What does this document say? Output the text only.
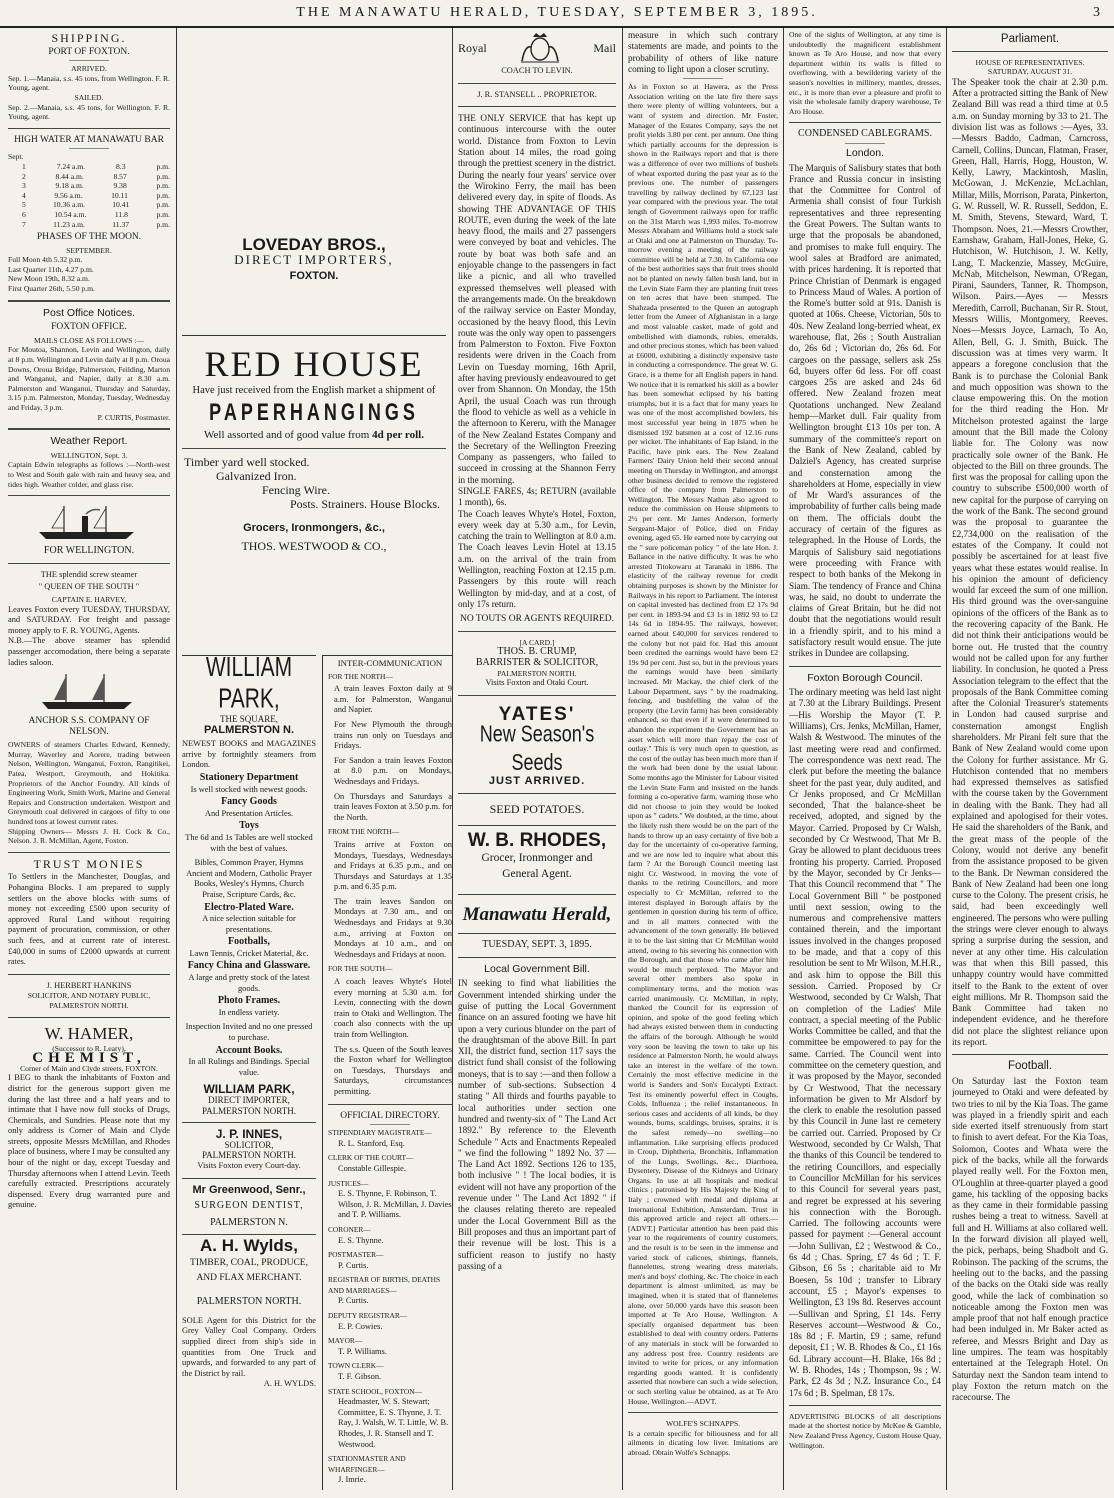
THE MANAWATU HERALD, TUESDAY, SEPTEMBER 3, 1895.	3
SHIPPING.
PORT OF FOXTON.
ARRIVED.
Sep. 1.—Manaia, s.s. 45 tons, from Wellington. F. R. Young, agent.
SAILED.
Sep. 2.—Manaia, s.s. 45 tons, for Wellington. F. R. Young, agent.
HIGH WATER AT MANAWATU BAR
Sept.
1	7.24 a.m.	8.3	p.m.
2	8.44 a.m.	8.57	p.m.
3	9.18 a.m.	9.38	p.m.
4	9.56 a.m.	10.11	p.m.
5	10.36 a.m.	10.41	p.m.
6	10.54 a.m.	11.8	p.m.
7	11.23 a.m.	11.37	p.m.
PHASES OF THE MOON.
SEPTEMBER.
Full Moon 4th 5.32 p.m.
Last Quarter 11th, 4.27 p.m.
New Moon 19th, 8.32 a.m.
First Quarter 26th, 5.50 p.m.
Post Office Notices.
FOXTON OFFICE.
MAILS CLOSE AS FOLLOWS :—
For Moutoa, Shannon, Levin and Wellington, daily at 8 p.m. Wellington and Levin daily at 8 p.m. Oroua Downs, Oroua Bridge, Palmerston, Feilding, Marton and Wanganui, and Napier, daily at 8.30 a.m. Palmerston and Wanganui, Thursday and Saturday, 3.15 p.m. Palmerston, Monday, Tuesday, Wednesday and Friday, 3 p.m.
P. CURTIS, Postmaster.
Weather Report.
WELLINGTON, Sept. 3.
Captain Edwin telegraphs as follows :—North-west to West and South gale with rain and heavy sea, and tides high. Weather colder, and glass rise.
FOR WELLINGTON.
THE splendid screw steamer
" QUEEN OF THE SOUTH "
CAPTAIN E. HARVEY,
Leaves Foxton every TUESDAY, THURSDAY, and SATURDAY. For freight and passage money apply to F. R. YOUNG, Agents.
N.B.—The above steamer has splendid passenger accomodation, there being a separate ladies saloon.
ANCHOR S.S. COMPANY OF NELSON.
OWNERS of steamers Charles Edward, Kennedy, Murray, Waverley and Aorere, trading between Nelson, Wellington, Wanganui, Foxton, Rangitikei, Patea, Westport, Greymouth, and Hokitika. Proprietors of the Anchor Foundry. All kinds of Engineering Work, Smith Work, Marine and General Repairs and Construction undertaken. Westport and Greymouth coal delivered in cargoes of fifty to one hundred tons at lowest current rates.
Shipping Owners— Messrs J. H. Cock & Co., Nelson. J. R. McMillan, Agent, Foxton.
TRUST MONIES
To Settlers in the Manchester, Douglas, and Pohangina Blocks. I am prepared to supply settlers on the above blocks with sums of money not exceeding £500 upon security of approved Rural Land without requiring payment of procuration, commission, or other such fees, and at current rate of interest. £40,000 in sums of £2000 upwards at current rates.
J. HERBERT HANKINS
SOLICITOR, AND NOTARY PUBLIC, PALMERSTON NORTH.
W. HAMER,
(Successor to R. Leary),
CHEMIST,
Corner of Main and Clyde streets, FOXTON.
I BEG to thank the inhabitants of Foxton and district for the generous support given me during the last three and a half years and to intimate that I have now full stocks of Drugs, Chemicals, and Sundries. Please note that my only address is Corner of Main and Clyde streets, opposite Messrs McMillan, and Rhodes place of business, where I may be consulted any hour of the night or day, except Tuesday and Thursday afternoons when I attend Levin. Teeth carefully extracted. Prescriptions accurately dispensed. Every drug warranted pure and genuine.
LOVEDAY BROS.,
DIRECT IMPORTERS,
FOXTON.
RED HOUSE
Have just received from the English market a shipment of
PAPERHANGINGS
Well assorted and of good value from 4d per roll.
Timber yard well stocked.
Galvanized Iron.
Fencing Wire.
Posts. Strainers. House Blocks.
Grocers, Ironmongers, &c.,
THOS. WESTWOOD & CO.,
WILLIAM PARK,
THE SQUARE,
PALMERSTON N.
NEWEST BOOKS and MAGAZINES arrive by fortnightly steamers from London.
Stationery Department
Is well stocked with newest goods.
Fancy Goods
And Presentation Articles.
Toys
The 6d and 1s Tables are well stocked with the best of values.
Bibles, Common Prayer, Hymns Ancient and Modern, Catholic Prayer Books, Wesley's Hymns, Church Praise, Scripture Cards, &c.
Electro-Plated Ware.
A nice selection suitable for presentations.
Footballs,
Lawn Tennis, Cricket Material, &c.
Fancy China and Glassware.
A large and pretty stock of the latest goods.
Photo Frames.
In endless variety.
Inspection Invited and no one pressed to purchase.
Account Books.
In all Rulings and Bindings. Special value.
WILLIAM PARK,
DIRECT IMPORTER,
PALMERSTON NORTH.
J. P. INNES,
SOLICITOR,
PALMERSTON NORTH.
Visits Foxton every Court-day.
Mr Greenwood, Senr.,
SURGEON DENTIST,
PALMERSTON N.
A. H. Wylds,
TIMBER, COAL, PRODUCE,
AND FLAX MERCHANT.
PALMERSTON NORTH.
SOLE Agent for this District for the Grey Valley Coal Company. Orders supplied direct from ship's side in quantities from One Truck and upwards, and forwarded to any part of the District by rail.
A. H. WYLDS.
INTER-COMMUNICATION
FOR THE NORTH—
A train leaves Foxton daily at 9 a.m. for Palmerston, Wanganui and Napier.
For New Plymouth the through trains run only on Tuesdays and Fridays.
For Sandon a train leaves Foxton at 8.0 p.m. on Mondays, Wednesdays and Fridays.
On Thursdays and Saturdays a train leaves Foxton at 3.50 p.m. for the North.
FROM THE NORTH—
Trains arrive at Foxton on Mondays, Tuesdays, Wednesdays and Fridays at 6.35 p.m., and on Thursdays and Saturdays at 1.35 p.m. and 6.35 p.m.
The train leaves Sandon on Mondays at 7.30 am., and on Wednesdays and Fridays at 9.30 a.m., arriving at Foxton on Mondays at 10 a.m., and on Wednesdays and Fridays at noon.
FOR THE SOUTH—
A coach leaves Whyte's Hotel every morning at 5.30 a.m. for Levin, connecting with the down train to Otaki and Wellington. The coach also connects with the up train from Wellington.
The s.s. Queen of the South leaves the Foxton wharf for Wellington on Tuesdays, Thursdays and Saturdays, circumstances permitting.
OFFICIAL DIRECTORY.
STIPENDIARY MAGISTRATE—
R. L. Stanford, Esq.
CLERK OF THE COURT—
Constable Gillespie.
JUSTICES—
E. S. Thynne, F. Robinson, T. Wilson, J. R. McMillan, J. Davies and T. P. Williams.
CORONER—
E. S. Thynne.
POSTMASTER—
P. Curtis.
REGISTRAR OF BIRTHS, DEATHS AND MARRIAGES—
P. Curtis.
DEPUTY REGISTRAR—
E. P. Cowies.
MAYOR—
T. P. Williams.
TOWN CLERK—
T. F. Gibson.
STATE SCHOOL, FOXTON—
Headmaster, W. S. Stewart; Committee, E. S. Thynne, J. T. Ray, J. Walsh, W. T. Little, W. B. Rhodes, J. R. Stansell and T. Westwood.
STATIONMASTER AND WHARFINGER—
J. Imrie.
Royal	Mail
COACH TO LEVIN.
J. R. STANSELL .. PROPRIETOR.
THE ONLY SERVICE that has kept up continuous intercourse with the outer world. Distance from Foxton to Levin Station about 14 miles, the road going through the prettiest scenery in the district. During the nearly four years' service over the Wirokino Ferry, the mail has been delivered every day, in spite of floods. As showing THE ADVANTAGE OF THIS ROUTE, even during the week of the late heavy flood, the mails and 27 passengers were conveyed by boat and vehicles. The route by boat was both safe and an enjoyable change to the passengers in fact like a picnic, and all who travelled expressed themselves well pleased with the arrangements made. On the breakdown of the railway service on Easter Monday, occasioned by the heavy flood, this Levin route was the only way open to passengers from Palmerston to Foxton. Five Foxton residents were driven in the Coach from Levin on Tuesday morning, 16th April, after having previously endeavoured to get over from Shannon. On Monday, the 15th April, the usual Coach was run through the flood to vehicle as well as a vehicle in the afternoon to Kereru, with the Manager of the New Zealand Estates Company and the Secretary of the Wellington Freezing Company as passengers, who failed to succeed in crossing at the Shannon Ferry in the morning.
SINGLE FARES, 4s; RETURN (available 1 month), 6s.
The Coach leaves Whyte's Hotel, Foxton, every week day at 5.30 a.m., for Levin, catching the train to Wellington at 8.0 a.m. The Coach leaves Levin Hotel at 13.15 a.m. on the arrival of the train from Wellington, reaching Foxton at 12.15 p.m. Passengers by this route will reach Wellington by mid-day, and at a cost, of only 17s return.
NO TOUTS OR AGENTS REQUIRED.
[A CARD.]
THOS. B. CRUMP,
BARRISTER & SOLICITOR,
PALMERSTON NORTH.
Visits Foxton and Otaki Court.
YATES'
New Season's Seeds
JUST ARRIVED.
SEED POTATOES.
W. B. RHODES,
Grocer, Ironmonger and General Agent.
Manawatu Herald,
TUESDAY, SEPT. 3, 1895.
Local Government Bill.
IN seeking to find what liabilities the Government intended shirking under the guise of putting the Local Government finance on an assured footing we have hit upon a very curious blunder on the part of the draughtsman of the above Bill. In part XII, the district fund, section 117 says the district fund shall consist of the following moneys, that is to say :—and then follow a number of sub-sections. Subsection 4 stating " All thirds and fourths payable to local authorities under section one hundred and twenty-six of " The Land Act 1892." By reference to the Eleventh Schedule " Acts and Enactments Repealed " we find the following " 1892 No. 37 —The Land Act 1892. Sections 126 to 135, both inclusive " ! The local bodies, it is evident will not have any proportion of the revenue under " The Land Act 1892 " if the clauses relating thereto are repealed under the Local Government Bill as the Bill proposes and thus an important part of their revenue will be lost. This is a sufficient reason to justify no hasty passing of a
measure in which such contrary statements are made, and points to the probability of others of like nature coming to light upon a closer scrutiny.
As in Foxton so at Hawera, as the Press Association writing on the late fire there says there were plenty of willing volunteers, but a want of system and direction. Mr Foster, Manager of the Estates Company, says the net profit yields 3.80 per cent. per annum. One thing which partially accounts for the depression is shown in the Railways report and that is there was a difference of over two millions of bushels of wheat exported during the past year as to the previous one. The number of passengers travelling by railway declined by 67,123 last year compared with the previous year. The total length of Government railways open for traffic on the 31st March was 1,993 miles. To-morrow Messrs Abraham and Williams hold a stock sale at Otaki and one at Palmerston on Thursday. To-morrow evening a meeting of the railway committee will be held at 7.30. In California one of the best authorities says that fruit trees should not be planted on newly fallen bush land, but in the Levin State Farm they are planting fruit trees on ten acres that have been stumped. The Shahzada presented to the Queen an autograph letter from the Ameer of Afghanistan in a large and most valuable casket, made of gold and embellished with diamonds, rubies, emeralds, and other precious stones, which has been valued at £6000, exhibiting a distinctly expensive taste in conducting a correspondence. The great W. G. Grace, is a theme for all English papers in hand. We notice that it is remarked his skill as a bowler has been somewhat eclipsed by his batting triumphs, but it is a fact that for many years he was one of the most accomplished bowlers, his most successful year being in 1875 when he dismissed 192 batsmen at a cost of 12.16 runs per wicket. The inhabitants of Eap Island, in the Pacific, have pink ears. The New Zealand Farmers' Dairy Union held their second annual meeting on Thursday in Wellington, and amongst other business decided to remove the registered office of the company from Palmerston to Wellington. The Messrs Nathan also agreed to reduce the commission on House shipments to 2½ per cent. Mr James Anderson, formerly Sergeant-Major of Police, died on Friday evening, aged 65. He earned note by carrying out the " sure policeman policy " of the late Hon. J. Ballance in the native difficulty. It was he who arrested Titokowaru at Taranaki in 1886. The elasticity of the railway revenue for credit obtaining purposes is shown by the Minister for Railways in his report to Parliament. The interest on capital invested has declined from £2 17s 9d per cent. in 1893-94 and £3 1s in 1892 93 to £2 14s 6d in 1894-95. The railways, however, earned about £40,000 for services rendered to the colony but not paid for. Had this amount been credited the earnings would have been £2 19s 9d per cent. Just so, but in the previous years the earnings would have been similarly increased. Mr Mackay, the chief clerk of the Labour Department, says " by the roadmaking, fencing, and bushfelling the value of the property (the Levin farm) has been considerably enhanced, so that even if it were determined to abandon the experiment the Government has an asset which will more than repay the cost of outlay." This is very much open to question, as the cost of the outlay has been much more than if the work had been done by the usual labour. Some months ago the Minister for Labour visited the Levin State Farm and insisted on the hands forming a co-operative farm, warning those who did not choose to join they would be looked upon as " cadets." We doubted, at the time, about the likely rush there would be on the part of the hands to throw up an easy certainty of five bob a day for the uncertainty of co-operative farming, and we are now led to inquire what about this farm ? At the Borough Council meeting last night Cr. Westwood, in moving the vote of thanks to the retiring Councillors, and more especially to Cr McMillan, referred to the interest displayed in Borough affairs by the gentlemen in question during his term of office, and in all matters connected with the advancement of the town generally. He believed it to be the last sitting that Cr McMillan would attend, owing to his severing his connection with the Borough, and that those who came after him would be much perplexed. The Mayor and several other members also spoke in complimentary terms, and the motion was carried unanimously. Cr. McMillan, in reply, thanked the Council for its expression of opinion, and spoke of the good feeling which had always existed between them in conducting the affairs of the borough. Although he would very soon be leaving the town to take up his residence at Palmerston North, he would always take an interest in the welfare of the town. Certainly the most effective medicine in the world is Sanders and Son's Eucalypti Extract. Test its eminently powerful effect in Coughs, Colds, Influenza ; the relief instantaneous. In serious cases and accidents of all kinds, be they wounds, burns, scaldings, bruises, sprains, it is the safest remedy—no swelling—no inflammation. Like surprising effects produced in Croup, Diphtheria, Bronchitis, Inflammation of the Lungs, Swellings, &c., Diarrhoea, Dysentery, Disease of the Kidneys and Urinary Organs. In use at all hospitals and medical clinics ; patronised by His Majesty the King of Italy ; crowned with medal and diploma at International Exhibition, Amsterdam. Trust in this approved article and reject all others.—[ADVT.] Particular attention has been paid this year to the requirements of country customers, and the result is to be seen in the immense and varied stock of calicoes, shirtings, flannels, flannelettes, strong wearing dress materials, men's and boys' clothing, &c. The choice in each department is almost unlimited, as may be imagined, when it is stated that of flannelettes alone, over 50,000 yards have this season been imported at Te Aro House, Wellington. A specially organised department has been established to deal with country orders. Patterns of any materials in stock will be forwarded to any address post free. Country residents are invited to write for prices, or any information regarding goods wanted. It is confidently asserted that nowhere can such a wide selection, or such sterling value be obtained, as at Te Aro House, Wellington.—ADVT.
WOLFE'S SCHNAPPS.
Is a certain specific for biliousness and for all ailments in dicating low liver. Imitations are abroad. Obtain Wolfe's Schnapps.
One of the sights of Wellington, at any time is undoubtedly the magnificent establishment known as Te Aro House, and now that every department within its walls is filled to overflowing, with a bewildering variety of the season's novelties in millinery, mantles, dresses, etc., it is more than ever a pleasure and profit to visit the wholesale family drapery warehouse, Te Aro House.
CONDENSED CABLEGRAMS.
London.
The Marquis of Salisbury states that both France and Russia concur in insisting that the Committee for Control of Armenia shall consist of four Turkish representatives and three representing the Great Powers. The Sultan wants to urge that the proposals be abandoned, and promises to make full enquiry. The wool sales at Bradford are animated, with prices hardening. It is reported that Prince Christian of Denmark is engaged to Princess Maud of Wales. A portion of the Rome's butter sold at 91s. Danish is quoted at 106s. Cheese, Victorian, 50s to 40s. New Zealand long-berried wheat, ex warehouse, flat, 26s ; South Australian do, 26s 6d ; Victorian do, 26s 6d. For cargoes on the passage, sellers ask 25s 6d, buyers offer 6d less. For off coast cargoes 25s are asked and 24s 6d offered. New Zealand frozen meat Quotations unchanged. New Zealand hemp—Market dull. Fair quality from Wellington brought £13 10s per ton. A summary of the committee's report on the Bank of New Zealand, cabled by Dalziel's Agency, has created surprise and consternation among the shareholders at Home, especially in view of Mr Ward's assurances of the improbability of further calls being made on them. The officials doubt the accuracy of certain of the figures as telegraphed. In the House of Lords, the Marquis of Salisbury said negotiations were proceeding with France with respect to both banks of the Mekong in Siam. The tendency of France and China was, he said, no doubt to underrate the claims of Great Britain, but he did not doubt that the negotiations would result in a friendly spirit, and to his mind a satisfactory result would ensue. The jute strikes in Dundee are collapsing.
Foxton Borough Council.
The ordinary meeting was held last night at 7.30 at the Library Buildings. Present—His Worship the Mayor (T. P. Williams), Crs. Jenks, McMillan, Hamer, Walsh & Westwood. The minutes of the last meeting were read and confirmed. The correspondence was next read. The clerk put before the meeting the balance sheet for the past year, duly audited, and Cr Jenks proposed, and Cr McMillan seconded, That the balance-sheet be received, adopted, and signed by the Mayor. Carried. Proposed by Cr Walsh, seconded by Cr Westwood, That Mr B. Gray be allowed to plant deciduous trees fronting his property. Carried. Proposed by the Mayor, seconded by Cr Jenks—That this Council recommend that " The Local Government Bill " be postponed until next session, owing to the numerous and comprehensive matters contained therein, and the important issues involved in the changes proposed to be made, and that a copy of this resolution be sent to Mr Wilson, M.H.R., and ask him to oppose the Bill this session. Carried. Proposed by Cr Westwood, seconded by Cr Walsh, That on completion of the Ladies' Mile contract, a special meeting of the Public Works Committee be called, and that the committee be empowered to pay for the same. Carried. The Council went into committee on the cemetery question, and it was proposed by the Mayor, seconded by Cr Westwood, That the necessary information be given to Mr Alsdorf by the clerk to enable the resolution passed by this Council in June last re cemetery be carried out. Carried. Proposed by Cr Westwood, seconded by Cr Walsh, That the thanks of this Council be tendered to the retiring Councillors, and especially to Councillor McMillan for his services to this Council for several years past, and regret be expressed at his severing his connection with the Borough. Carried. The following accounts were passed for payment :—General account—John Sullivan, £2 ; Westwood & Co., 6s 4d ; Chas. Spring, £7 4s 6d ; T. F. Gibson, £6 5s ; charitable aid to Mr Boesen, 5s 10d ; transfer to Library account, £5 ; Mayor's expenses to Wellington, £3 19s 8d. Reserves account—Sullivan and Spring, £1 14s. Ferry Reserves account—Westwood & Co., 18s 8d ; F. Martin, £9 ; same, refund deposit, £1 ; W. B. Rhodes & Co., £1 16s 6d. Library account—H. Blake, 16s 8d ; W. B. Rhodes, 14s ; Thompson, 9s ; W. Park, £2 4s 3d ; N.Z. Insurance Co., £4 17s 6d ; B. Spelman, £8 17s.
ADVERTISING BLOCKS of all descriptions made at the shortest notice by McKee & Gamble, New Zealand Press Agency, Custom House Quay, Wellington.
Parliament.
HOUSE OF REPRESENTATIVES.
SATURDAY, AUGUST 31.
The Speaker took the chair at 2.30 p.m. After a protracted sitting the Bank of New Zealand Bill was read a third time at 0.5 a.m. on Sunday morning by 33 to 21. The division list was as follows :—Ayes, 33.—Messrs Baddo, Cadman, Carncross, Carnell, Collins, Duncan, Flatman, Fraser, Green, Hall, Harris, Hogg, Houston, W. Kelly, Lawry, Mackintosh, Maslin, McGowan, J. McKenzie, McLachlan, Millar, Mills, Morrison, Parata, Pinkerton, G. W. Russell, W. R. Russell, Seddon, E. M. Smith, Stevens, Steward, Ward, T. Thompson. Noes, 21.—Messrs Crowther, Earnshaw, Graham, Hall-Jones, Heke, G. Hutchison, W. Hutchison, J. W. Kelly, Lang, T. Mackenzie, Massey, McGuire, McNab, Mitchelson, Newman, O'Regan, Pirani, Saunders, Tanner, R. Thompson, Wilson. Pairs.—Ayes — Messrs Meredith, Carroll, Buchanan, Sir R. Stout, Messrs Willis, Montgomery, Reeves. Noes—Messrs Joyce, Larnach, To Ao, Allen, Bell, G. J. Smith, Buick. The discussion was at times very warm. It appears a foregone conclusion that the Bank is to purchase the Colonial Bank and much opposition was shown to the clause empowering this. On the motion for the third reading the Hon. Mr Mitchelson protested against the large amount that the Bill made the Colony liable for. The Colony was now practically sole owner of the Bank. He objected to the Bill on three grounds. The first was the proposal for calling upon the country to subscribe £500,000 worth of new capital for the purpose of carrying on the work of the Bank. The second ground was the proposal to guarantee the £2,734,000 on the realisation of the estates of the Company. It could not possibly be ascertained for at least five years what these estates would realise. In his opinion the amount of deficiency would far exceed the sum of one million. His third ground was the over-sanguine opinions of the officers of the Bank as to the recovering capacity of the Bank. He did not think their anticipations would be borne out. He trusted that the country would not be called upon for any further liability. In conclusion, he quoted a Press Association telegram to the effect that the proposals of the Bank Committee coming after the Colonial Treasurer's statements in London had caused surprise and consternation amongst English shareholders. Mr Pirani felt sure that the Bank of New Zealand would come upon the Colony for further assistance. Mr G. Hutchison contended that no members had expressed themselves as satisfied with the course taken by the Government in dealing with the Bank. They had all explained and apologised for their votes. He said the shareholders of the Bank, and the great mass of the people of the Colony, would not derive any benefit from the assistance proposed to be given to the Bank. Dr Newman considered the Bank of New Zealand had been one long curse to the Colony. The present crisis, he said, had been exceedingly well engineered. The persons who were pulling the strings were clever enough to always spring a surprise during the session, and never at any other time. His calculation was that when this Bill passed, this unhappy country would have committed itself to the Bank to the extent of over eight millions. Mr R. Thompson said the Bank Committee had taken no independent evidence, and he therefore did not place the slightest reliance upon its report.
Football.
On Saturday last the Foxton team journeyed to Otaki and were defeated by two tries to nil by the Kia Toas. The game was played in a friendly spirit and each side exerted itself strenuously from start to finish to avert defeat. For the Kia Toas, Solomon, Cootes and Whata were the pick of the backs, while all the forwards played really well. For the Foxton men, O'Loughlin at three-quarter played a good game, his tackling of the opposing backs as they came in their formidable passing rushes being a treat to witness. Savell at full and H. Williams at also collared well. In the forward division all played well, the pick, perhaps, being Shadbolt and G. Robinson. The packing of the scrums, the heeling out to the backs, and the passing of the backs on the Otaki side was really good, while the lack of combination so noticeable among the Foxton men was ample proof that not half enough practice had been indulged in. Mr Baker acted as referee, and Messrs Bright and Day as line umpires. The team was hospitably entertained at the Telegraph Hotel. On Saturday next the Sandon team intend to play Foxton the return match on the racecourse. The
